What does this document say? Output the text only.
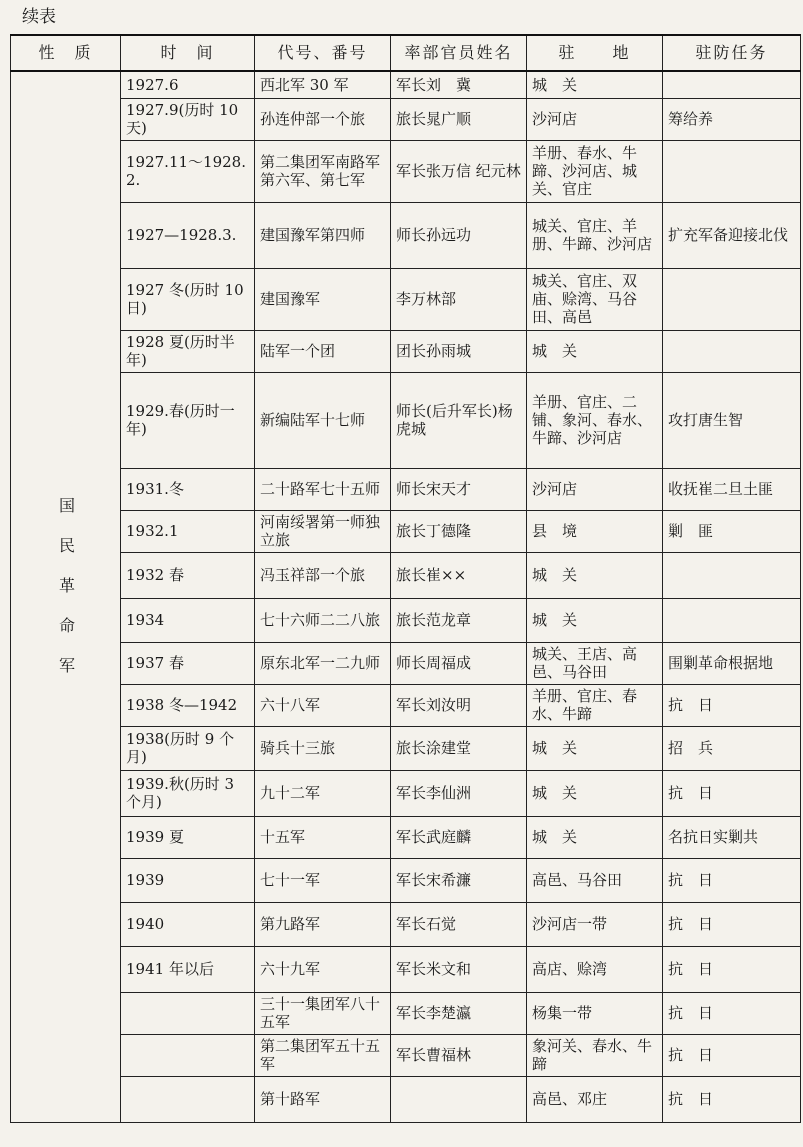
续表
性　质	时　间	代号、番号	率部官员姓名	驻　　地	驻防任务
国民革命军	1927.6	西北军 30 军	军长刘　冀	城　关	
	1927.9(历时 10 天)	孙连仲部一个旅	旅长晁广顺	沙河店	筹给养
	1927.11～1928.2.	第二集团军南路军第六军、第七军	军长张万信 纪元林	羊册、春水、牛蹄、沙河店、城关、官庄	
	1927—1928.3.	建国豫军第四师	师长孙远功	城关、官庄、羊册、牛蹄、沙河店	扩充军备迎接北伐
	1927 冬(历时 10 日)	建国豫军	李万林部	城关、官庄、双庙、赊湾、马谷田、高邑	
	1928 夏(历时半年)	陆军一个团	团长孙雨城	城　关	
	1929.春(历时一年)	新编陆军十七师	师长(后升军长)杨虎城	羊册、官庄、二铺、象河、春水、牛蹄、沙河店	攻打唐生智
	1931.冬	二十路军七十五师	师长宋天才	沙河店	收抚崔二旦土匪
	1932.1	河南绥署第一师独立旅	旅长丁德隆	县　境	剿　匪
	1932 春	冯玉祥部一个旅	旅长崔××	城　关	
	1934	七十六师二二八旅	旅长范龙章	城　关	
	1937 春	原东北军一二九师	师长周福成	城关、王店、高邑、马谷田	围剿革命根据地
	1938 冬—1942	六十八军	军长刘汝明	羊册、官庄、春水、牛蹄	抗　日
	1938(历时 9 个月)	骑兵十三旅	旅长涂建堂	城　关	招　兵
	1939.秋(历时 3 个月)	九十二军	军长李仙洲	城　关	抗　日
	1939 夏	十五军	军长武庭麟	城　关	名抗日实剿共
	1939	七十一军	军长宋希濂	高邑、马谷田	抗　日
	1940	第九路军	军长石觉	沙河店一带	抗　日
	1941 年以后	六十九军	军长米文和	高店、赊湾	抗　日
		三十一集团军八十五军	军长李楚瀛	杨集一带	抗　日
		第二集团军五十五军	军长曹福林	象河关、春水、牛蹄	抗　日
		第十路军		高邑、邓庄	抗　日
